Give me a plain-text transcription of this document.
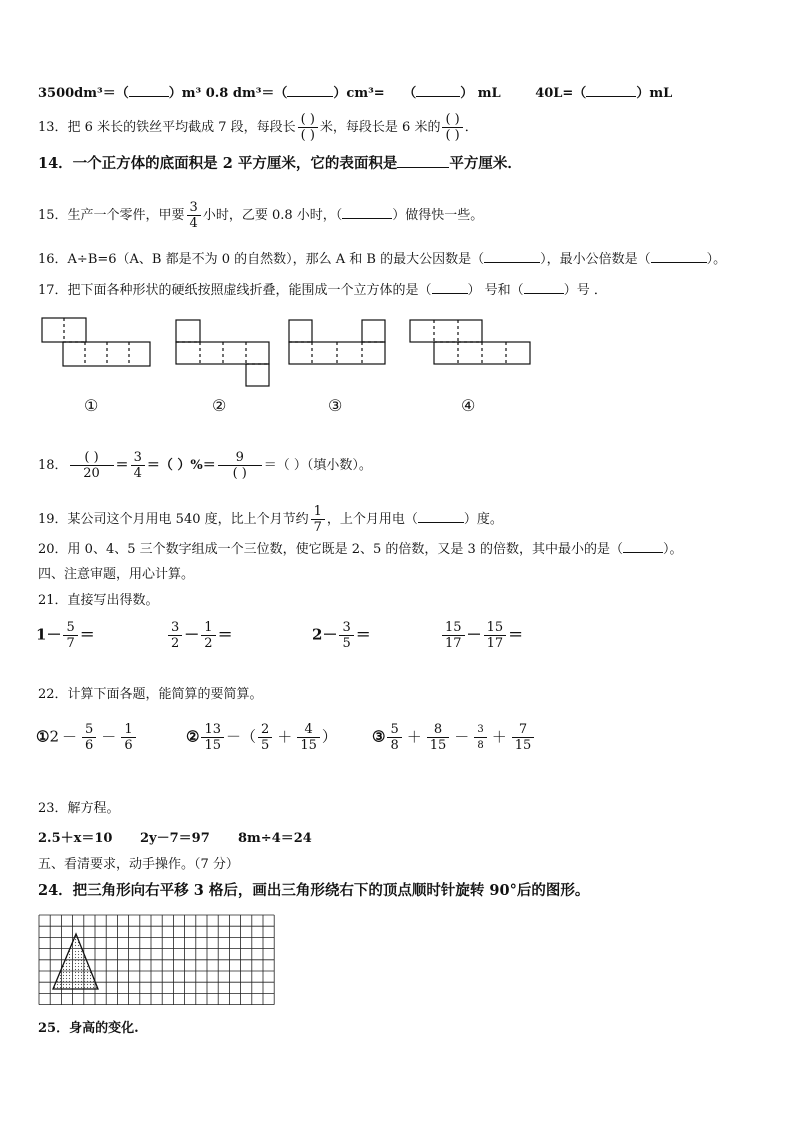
3500dm³＝（	）m³ 0.8 dm³＝（	）cm³= （	） mL	40L=（	）mL
13．把 6 米长的铁丝平均截成 7 段，每段长 $\frac{( )}{( )}$ 米，每段长是 6 米的 $\frac{( )}{( )}$ ．
14．一个正方体的底面积是 2 平方厘米，它的表面积是	平方厘米．
15．生产一个零件，甲要 $\frac{3}{4}$ 小时，乙要 0.8 小时，（	）做得快一些。
16．A÷B=6（A、B 都是不为 0 的自然数），那么 A 和 B 的最大公因数是（	），最小公倍数是（	）。
17．把下面各种形状的硬纸按照虚线折叠，能围成一个立方体的是（	） 号和（	）号 ．
①	②	③	④
18． $\frac{( )}{20} = \frac{3}{4}$ ＝（ ）%＝ $\frac{9}{( )}$ ＝（ ）（填小数）。
19．某公司这个月用电 540 度，比上个月节约 $\frac{1}{7}$ ，上个月用电（	）度。
20．用 0、4、5 三个数字组成一个三位数，使它既是 2、5 的倍数，又是 3 的倍数，其中最小的是（	）。
四、注意审题，用心计算。
21．直接写出得数。
$1- \frac{5}{7}$ ＝	$\frac{3}{2} - \frac{1}{2}$ ＝	$2- \frac{3}{5}$ ＝	$\frac{15}{17} - \frac{15}{17}$ ＝
22．计算下面各题，能简算的要简算。
①2 － $\frac{5}{6} - \frac{1}{6}$	② $\frac{13}{15}$ －（ $\frac{2}{5} + \frac{4}{15}$ ） ③ $\frac{5}{8} + \frac{8}{15} - \frac{3}{8} + \frac{7}{15}$
23．解方程。
2.5＋x＝10 2y－7＝97 8m÷4＝24
五、看清要求，动手操作。（7 分）
24．把三角形向右平移 3 格后，画出三角形绕右下的顶点顺时针旋转 90°后的图形。
25．身高的变化.
